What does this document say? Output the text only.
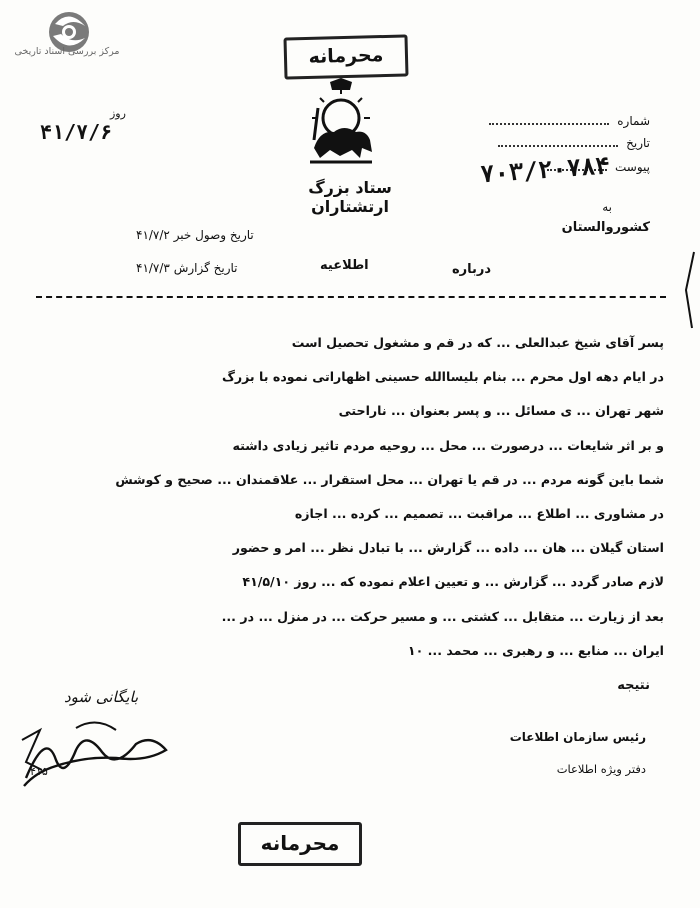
مرکز بررسی اسناد تاریخی	محرمانه
ستاد بزرگ ارتشتاران
روز
۴۱/۷/۶	شماره
تاریخ
پیوست
۷۰۳/۲۰۷۸۴
به
کشوروالستان
تاریخ وصول خبر ۴۱/۷/۲
تاریخ گزارش ۴۱/۷/۳	درباره
اطلاعیه

پسر آقای شیخ عبدالعلی ... که در قم و مشغول تحصیل است

در ایام دهه اول محرم ... بنام بلیساالله حسینی اظهاراتی نموده با بزرگ

شهر تهران ... ی مسائل ... و پسر بعنوان ... ناراحتی

و بر اثر شایعات ... درصورت ... محل ... روحیه مردم تاثیر زیادی داشته

شما باین گونه مردم ... در قم یا تهران ... محل استقرار ... علاقمندان ... صحیح و کوشش

در مشاوری ... اطلاع ... مراقبت ... تصمیم ... کرده ... اجازه

استان گیلان ... هان ... داده ... گزارش ... با تبادل نظر ... امر و حضور

لازم صادر گردد ... گزارش ... و تعیین اعلام نموده که ... روز ۴۱/۵/۱۰

بعد از زیارت ... متقابل ... کشتی ... و مسیر حرکت ... در منزل ... در ...

ایران ... منابع ... و رهبری ... محمد ... ۱۰

نتیجه
رئیس سازمان اطلاعات
دفتر ویژه اطلاعات
بایگانی شود
۴۱۵
محرمانه
